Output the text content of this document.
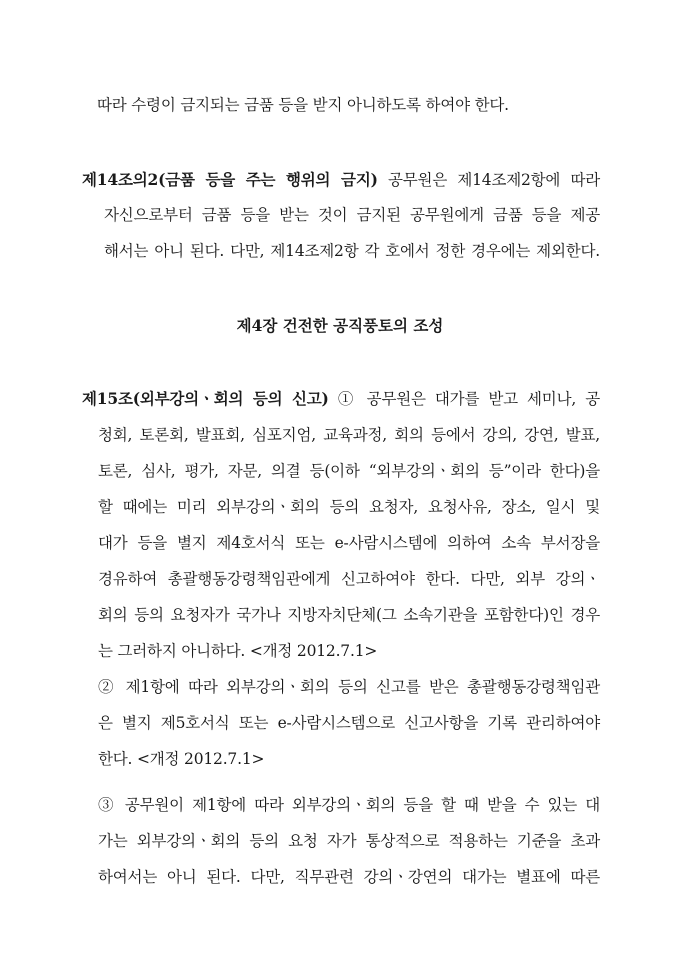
따라 수령이 금지되는 금품 등을 받지 아니하도록 하여야 한다.
제14조의2(금품 등을 주는 행위의 금지) 공무원은 제14조제2항에 따라
자신으로부터 금품 등을 받는 것이 금지된 공무원에게 금품 등을 제공
해서는 아니 된다. 다만, 제14조제2항 각 호에서 정한 경우에는 제외한다.
제4장 건전한 공직풍토의 조성
제15조(외부강의ㆍ회의 등의 신고) ① 공무원은 대가를 받고 세미나, 공
청회, 토론회, 발표회, 심포지엄, 교육과정, 회의 등에서 강의, 강연, 발표,
토론, 심사, 평가, 자문, 의결 등(이하 “외부강의ㆍ회의 등”이라 한다)을
할 때에는 미리 외부강의ㆍ회의 등의 요청자, 요청사유, 장소, 일시 및
대가 등을 별지 제4호서식 또는 e-사람시스템에 의하여 소속 부서장을
경유하여 총괄행동강령책임관에게 신고하여야 한다. 다만, 외부 강의ㆍ
회의 등의 요청자가 국가나 지방자치단체(그 소속기관을 포함한다)인 경우
는 그러하지 아니하다. <개정 2012.7.1>
② 제1항에 따라 외부강의ㆍ회의 등의 신고를 받은 총괄행동강령책임관
은 별지 제5호서식 또는 e-사람시스템으로 신고사항을 기록 관리하여야
한다. <개정 2012.7.1>
③ 공무원이 제1항에 따라 외부강의ㆍ회의 등을 할 때 받을 수 있는 대
가는 외부강의ㆍ회의 등의 요청 자가 통상적으로 적용하는 기준을 초과
하여서는 아니 된다. 다만, 직무관련 강의ㆍ강연의 대가는 별표에 따른
